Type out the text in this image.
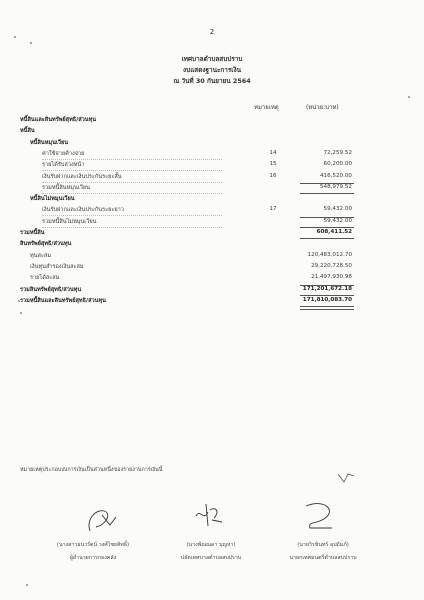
2
เทศบาลตำบลสบปราบ
งบแสดงฐานะการเงิน
ณ วันที่ 30 กันยายน 2564
หมายเหตุ	(หน่วย:บาท)
หนี้สินและสินทรัพย์สุทธิ/ส่วนทุน
หนี้สิน
หนี้สินหมุนเวียน
ค่าใช้จ่ายค้างจ่าย	14	72,259.52
รายได้รับล่วงหน้า	15	60,200.00
เงินรับฝากและเงินประกันระยะสั้น	16	416,520.00
รวมหนี้สินหมุนเวียน	548,979.52
หนี้สินไม่หมุนเวียน
เงินรับฝากและเงินประกันระยะยาว	17	59,432.00
รวมหนี้สินไม่หมุนเวียน	59,432.00
รวมหนี้สิน	608,411.52
สินทรัพย์สุทธิ/ส่วนทุน
ทุนสะสม	120,483,012.70
เงินทุนสำรองเงินสะสม	29,220,728.50
รายได้สะสม	21,497,930.98
รวมสินทรัพย์สุทธิ/ส่วนทุน	171,201,672.18
รวมหนี้สินและสินทรัพย์สุทธิ/ส่วนทุน	171,810,083.70
หมายเหตุประกอบงบการเงินเป็นส่วนหนึ่งของรายงานการเงินนี้
(นางสาวธนวรัตน์ วงศ์ไชยสิทธิ์)
ผู้อำนวยการกองคลัง
(นางพัณณดา บุญหา)
ปลัดเทศบาลตำบลสบปราบ
(นายวิรชินทร์ อุปถัมภ์)
นายกเทศมนตรีตำบลสบปราบ
